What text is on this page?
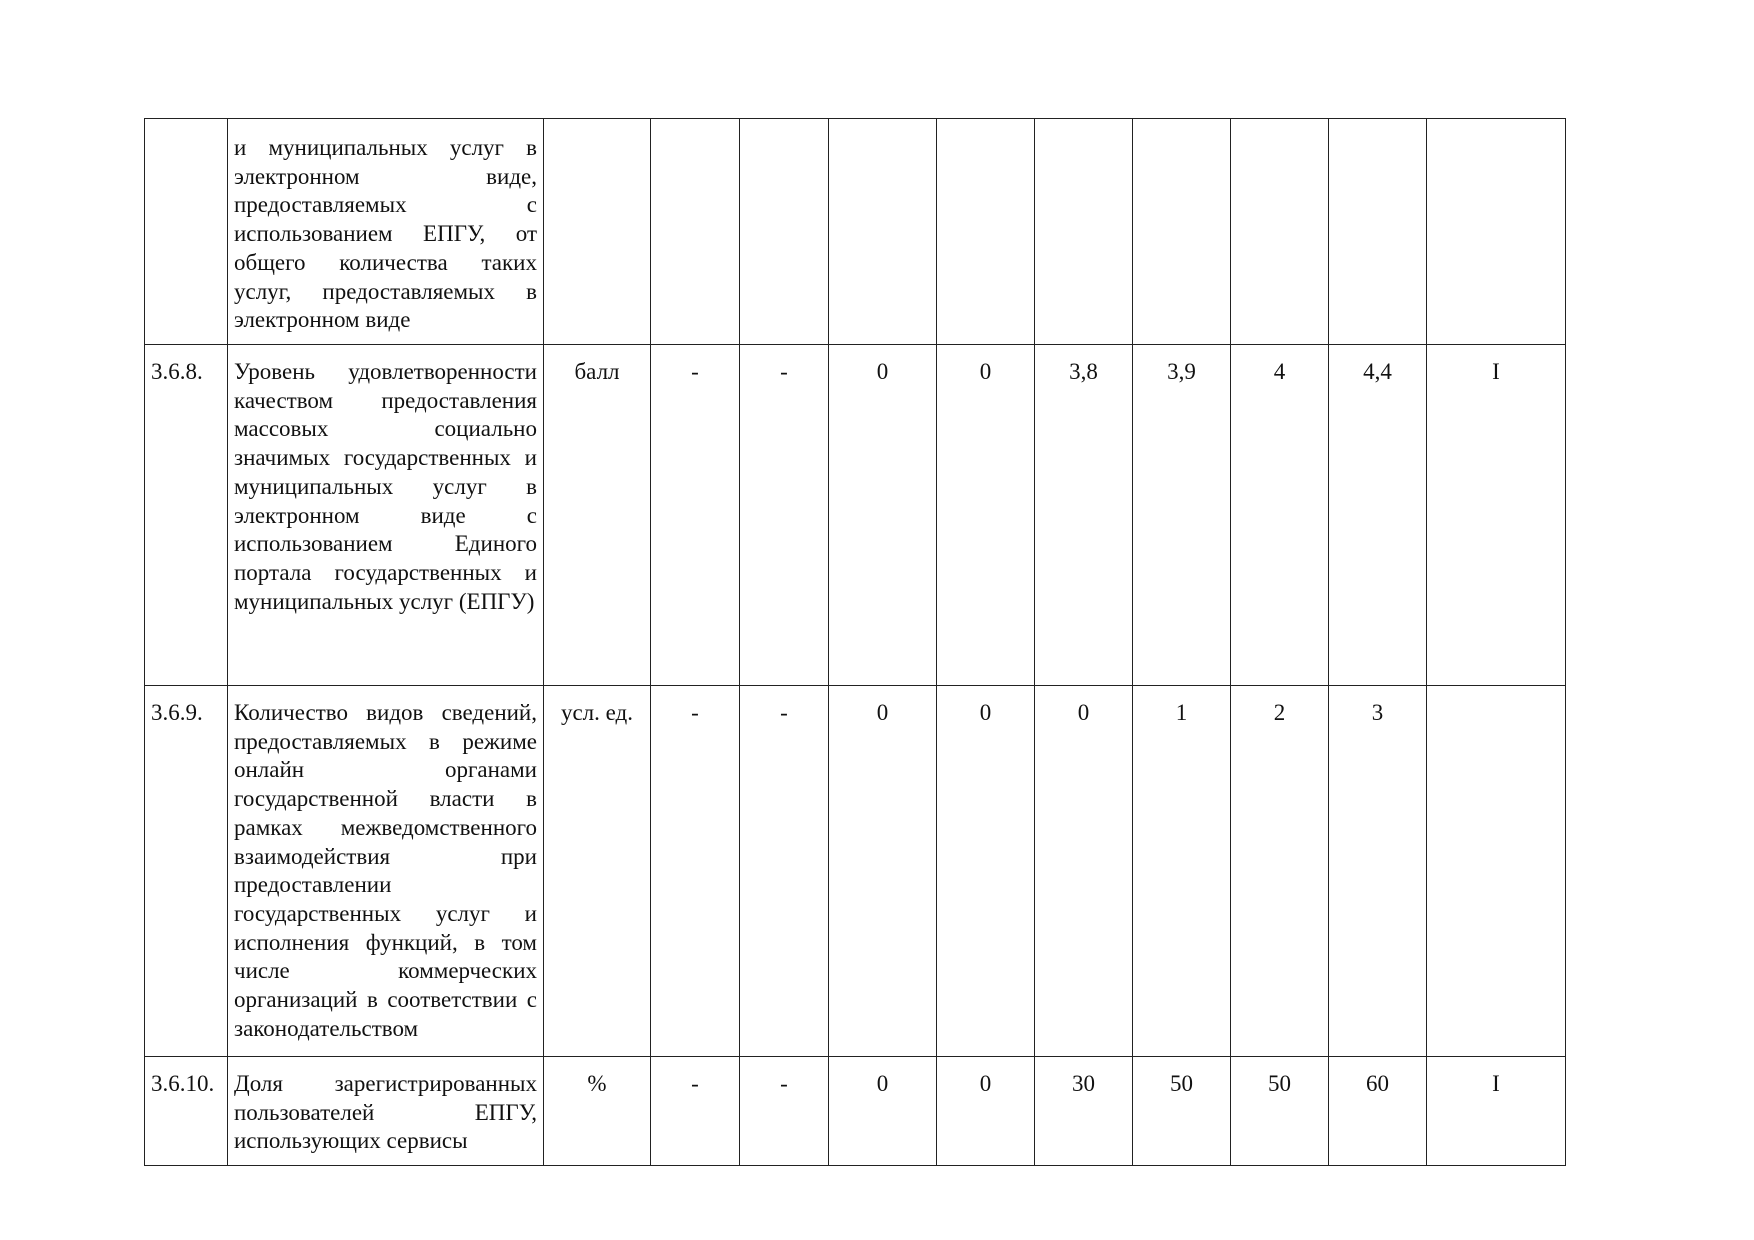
	и муниципальных услуг в электронном виде, предоставляемых с использованием ЕПГУ, от общего количества таких услуг, предоставляемых в электронном виде										
3.6.8.	Уровень удовлетворенности качеством предоставления массовых социально значимых государственных и муниципальных услуг в электронном виде с использованием Единого портала государственных и муниципальных услуг (ЕПГУ)	балл	-	-	0	0	3,8	3,9	4	4,4	I
3.6.9.	Количество видов сведений, предоставляемых в режиме онлайн органами государственной власти в рамках межведомственного взаимодействия при предоставлении государственных услуг и исполнения функций, в том числе коммерческих организаций в соответствии с законодательством	усл. ед.	-	-	0	0	0	1	2	3	
3.6.10.	Доля зарегистрированных пользователей ЕПГУ, использующих сервисы	%	-	-	0	0	30	50	50	60	I
